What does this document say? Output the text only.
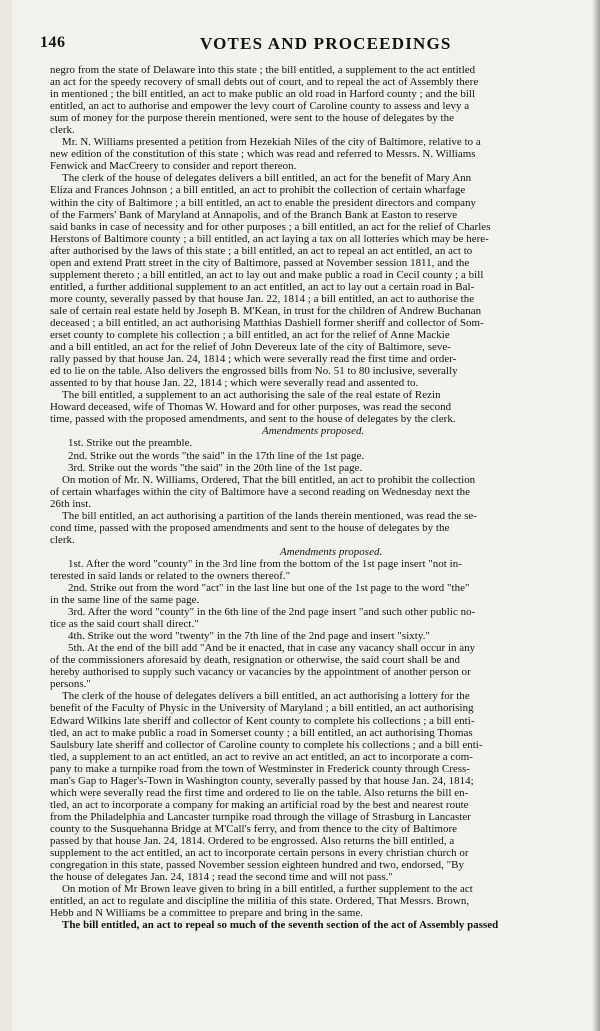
146	VOTES AND PROCEEDINGS
negro from the state of Delaware into this state ; the bill entitled, a supplement to the act entitled
an act for the speedy recovery of small debts out of court, and to repeal the act of Assembly there
in mentioned ; the bill entitled, an act to make public an old road in Harford county ; and the bill
entitled, an act to authorise and empower the levy court of Caroline county to assess and levy a
sum of money for the purpose therein mentioned, were sent to the house of delegates by the
clerk.
Mr. N. Williams presented a petition from Hezekiah Niles of the city of Baltimore, relative to a
new edition of the constitution of this state ; which was read and referred to Messrs. N. Williams
Fenwick and MacCreery to consider and report thereon.
The clerk of the house of delegates delivers a bill entitled, an act for the benefit of Mary Ann
Eliza and Frances Johnson ; a bill entitled, an act to prohibit the collection of certain wharfage
within the city of Baltimore ; a bill entitled, an act to enable the president directors and company
of the Farmers' Bank of Maryland at Annapolis, and of the Branch Bank at Easton to reserve
said banks in case of necessity and for other purposes ; a bill entitled, an act for the relief of Charles
Herstons of Baltimore county ; a bill entitled, an act laying a tax on all lotteries which may be here-
after authorised by the laws of this state ; a bill entitled, an act to repeal an act entitled, an act to
open and extend Pratt street in the city of Baltimore, passed at November session 1811, and the
supplement thereto ; a bill entitled, an act to lay out and make public a road in Cecil county ; a bill
entitled, a further additional supplement to an act entitled, an act to lay out a certain road in Bal-
more county, severally passed by that house Jan. 22, 1814 ; a bill entitled, an act to authorise the
sale of certain real estate held by Joseph B. M'Kean, in trust for the children of Andrew Buchanan
deceased ; a bill entitled, an act authorising Matthias Dashiell former sheriff and collector of Som-
erset county to complete his collection ; a bill entitled, an act for the relief of Anne Mackie
and a bill entitled, an act for the relief of John Devereux late of the city of Baltimore, seve-
rally passed by that house Jan. 24, 1814 ; which were severally read the first time and order-
ed to lie on the table. Also delivers the engrossed bills from No. 51 to 80 inclusive, severally
assented to by that house Jan. 22, 1814 ; which were severally read and assented to.
The bill entitled, a supplement to an act authorising the sale of the real estate of Rezin
Howard deceased, wife of Thomas W. Howard and for other purposes, was read the second
time, passed with the proposed amendments, and sent to the house of delegates by the clerk.
Amendments proposed.
1st. Strike out the preamble.
2nd. Strike out the words "the said" in the 17th line of the 1st page.
3rd. Strike out the words "the said" in the 20th line of the 1st page.
On motion of Mr. N. Williams, Ordered, That the bill entitled, an act to prohibit the collection
of certain wharfages within the city of Baltimore have a second reading on Wednesday next the
26th inst.
The bill entitled, an act authorising a partition of the lands therein mentioned, was read the se-
cond time, passed with the proposed amendments and sent to the house of delegates by the
clerk.
Amendments proposed.
1st. After the word "county" in the 3rd line from the bottom of the 1st page insert "not in-
terested in said lands or related to the owners thereof."
2nd. Strike out from the word "act" in the last line but one of the 1st page to the word "the"
in the same line of the same page.
3rd. After the word "county" in the 6th line of the 2nd page insert "and such other public no-
tice as the said court shall direct."
4th. Strike out the word "twenty" in the 7th line of the 2nd page and insert "sixty."
5th. At the end of the bill add "And be it enacted, that in case any vacancy shall occur in any
of the commissioners aforesaid by death, resignation or otherwise, the said court shall be and
hereby authorised to supply such vacancy or vacancies by the appointment of another person or
persons."
The clerk of the house of delegates delivers a bill entitled, an act authorising a lottery for the
benefit of the Faculty of Physic in the University of Maryland ; a bill entitled, an act authorising
Edward Wilkins late sheriff and collector of Kent county to complete his collections ; a bill enti-
tled, an act to make public a road in Somerset county ; a bill entitled, an act authorising Thomas
Saulsbury late sheriff and collector of Caroline county to complete his collections ; and a bill enti-
tled, a supplement to an act entitled, an act to revive an act entitled, an act to incorporate a com-
pany to make a turnpike road from the town of Westminster in Frederick county through Cress-
man's Gap to Hager's-Town in Washington county, severally passed by that house Jan. 24, 1814;
which were severally read the first time and ordered to lie on the table. Also returns the bill en-
tled, an act to incorporate a company for making an artificial road by the best and nearest route
from the Philadelphia and Lancaster turnpike road through the village of Strasburg in Lancaster
county to the Susquehanna Bridge at M'Call's ferry, and from thence to the city of Baltimore
passed by that house Jan. 24, 1814. Ordered to be engrossed. Also returns the bill entitled, a
supplement to the act entitled, an act to incorporate certain persons in every christian church or
congregation in this state, passed November session eighteen hundred and two, endorsed, "By
the house of delegates Jan. 24, 1814 ; read the second time and will not pass."
On motion of Mr Brown leave given to bring in a bill entitled, a further supplement to the act
entitled, an act to regulate and discipline the militia of this state. Ordered, That Messrs. Brown,
Hebb and N Williams be a committee to prepare and bring in the same.
The bill entitled, an act to repeal so much of the seventh section of the act of Assembly passed
